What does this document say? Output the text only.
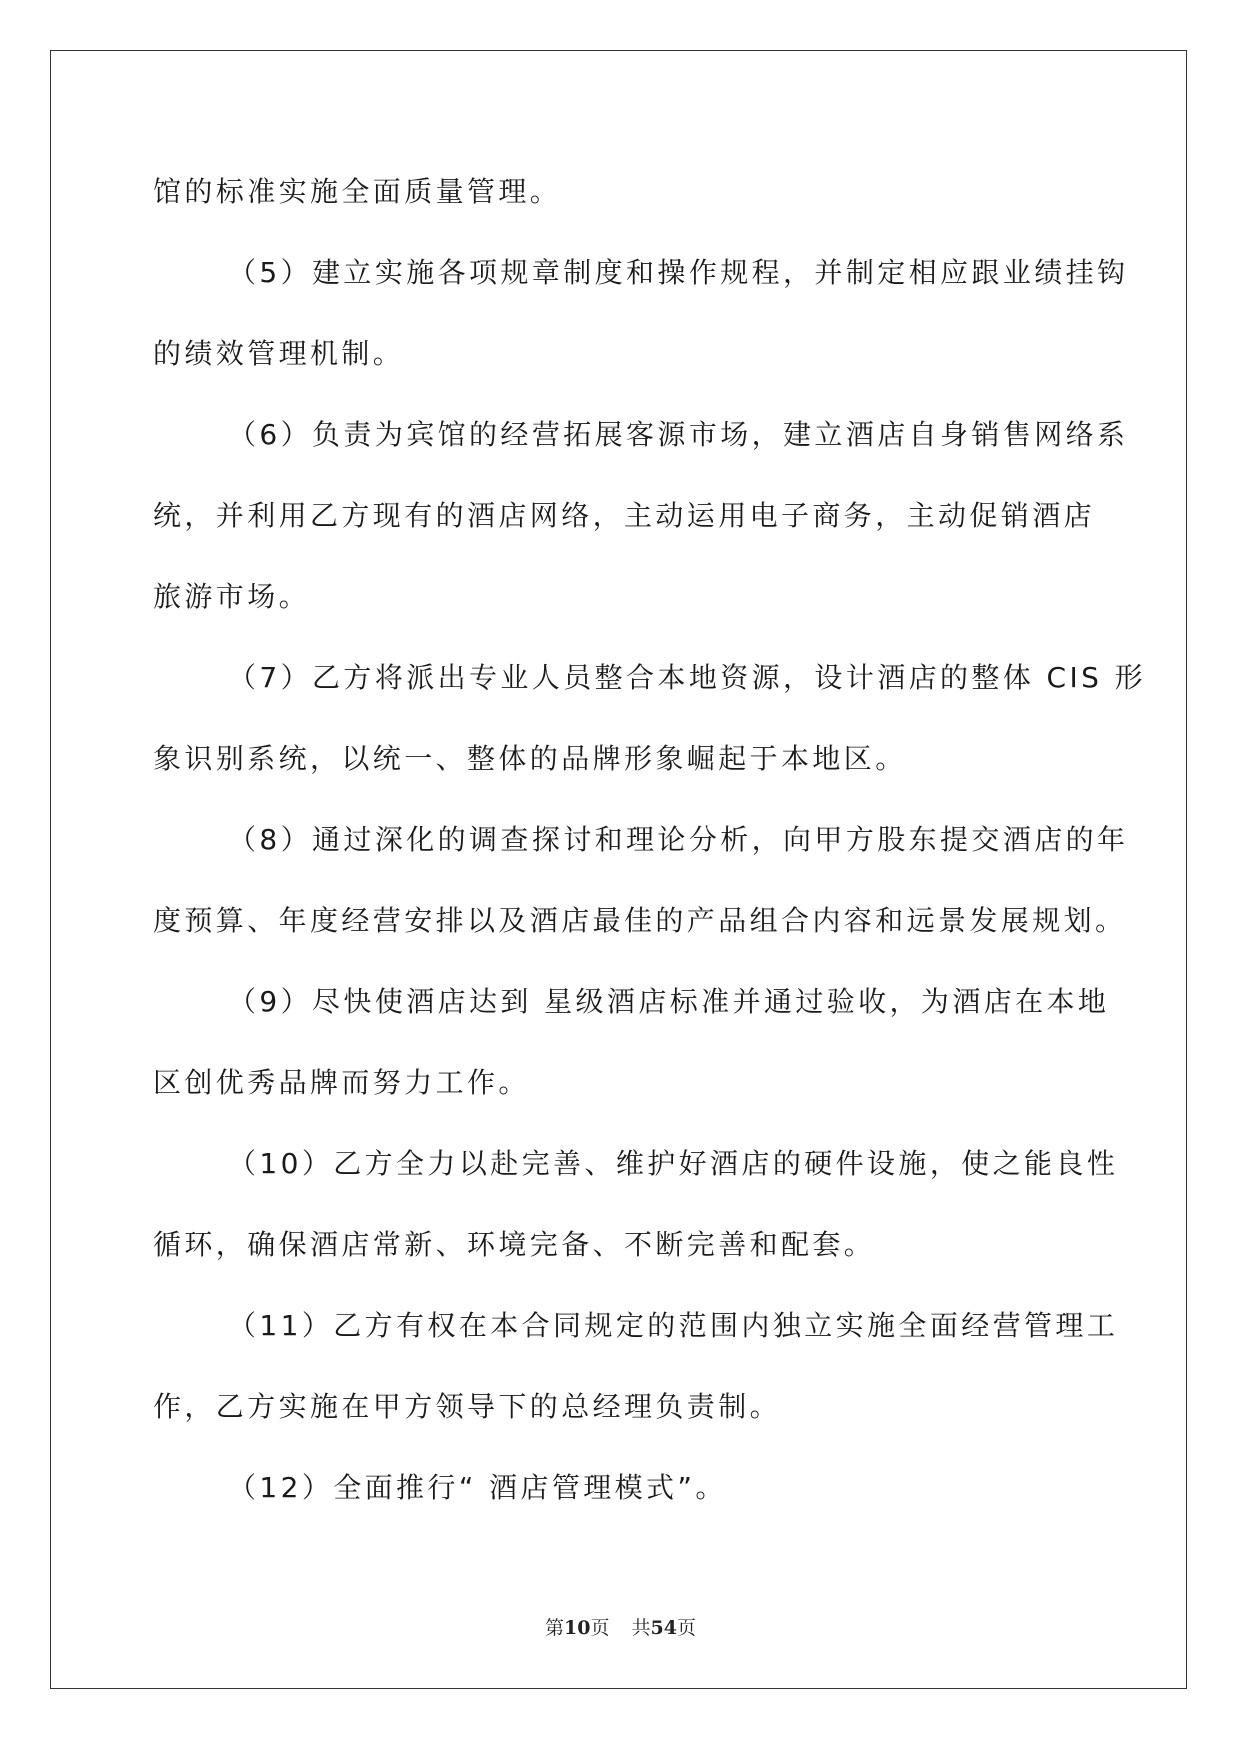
馆的标准实施全面质量管理。

（5）建立实施各项规章制度和操作规程，并制定相应跟业绩挂钩

的绩效管理机制。

（6）负责为宾馆的经营拓展客源市场，建立酒店自身销售网络系

统，并利用乙方现有的酒店网络，主动运用电子商务，主动促销酒店

旅游市场。

（7）乙方将派出专业人员整合本地资源，设计酒店的整体 CIS 形

象识别系统，以统一、整体的品牌形象崛起于本地区。

（8）通过深化的调查探讨和理论分析，向甲方股东提交酒店的年

度预算、年度经营安排以及酒店最佳的产品组合内容和远景发展规划。

（9）尽快使酒店达到 星级酒店标准并通过验收，为酒店在本地

区创优秀品牌而努力工作。

（10）乙方全力以赴完善、维护好酒店的硬件设施，使之能良性

循环，确保酒店常新、环境完备、不断完善和配套。

（11）乙方有权在本合同规定的范围内独立实施全面经营管理工

作，乙方实施在甲方领导下的总经理负责制。

（12）全面推行“ 酒店管理模式”。

第10页 共54页
